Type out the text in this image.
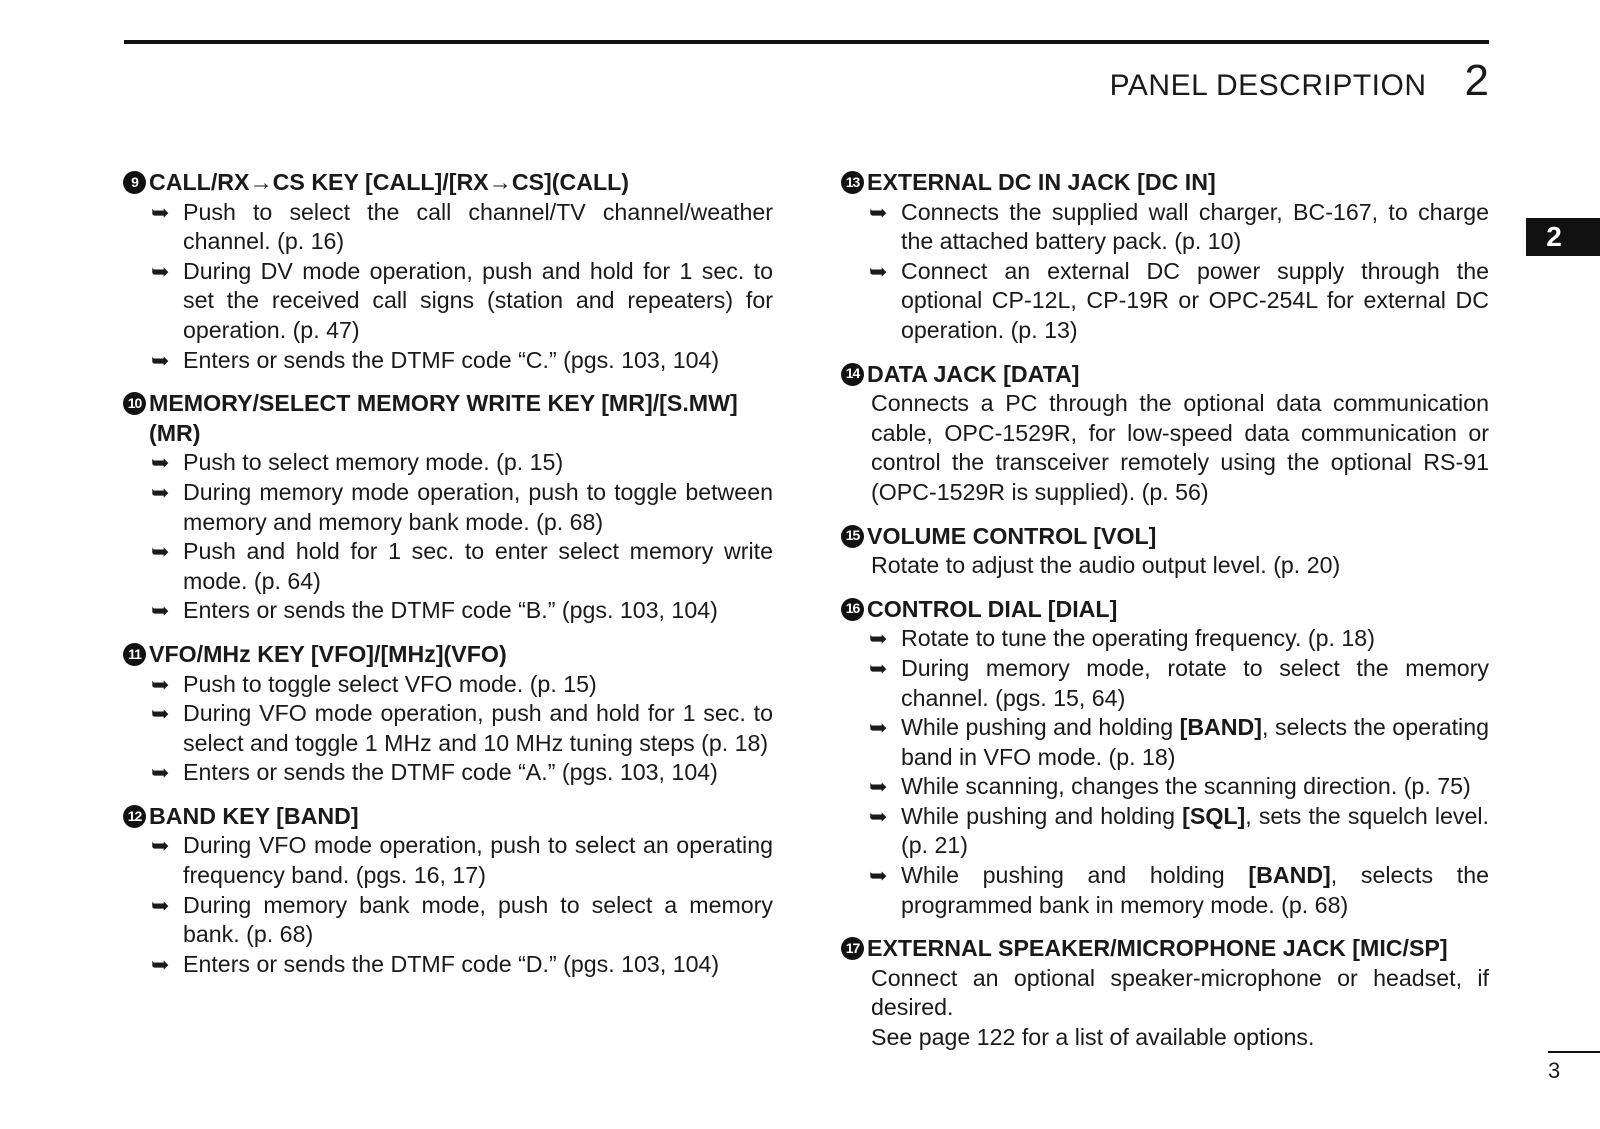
PANEL DESCRIPTION 2
2
9 CALL/RX→CS KEY [CALL]/[RX→CS](CALL)
➥ Push to select the call channel/TV channel/weather channel. (p. 16)
➥ During DV mode operation, push and hold for 1 sec. to set the received call signs (station and repeaters) for operation. (p. 47)
➥ Enters or sends the DTMF code “C.” (pgs. 103, 104)
10 MEMORY/SELECT MEMORY WRITE KEY [MR]/[S.MW](MR)
➥ Push to select memory mode. (p. 15)
➥ During memory mode operation, push to toggle between memory and memory bank mode. (p. 68)
➥ Push and hold for 1 sec. to enter select memory write mode. (p. 64)
➥ Enters or sends the DTMF code “B.” (pgs. 103, 104)
11 VFO/MHz KEY [VFO]/[MHz](VFO)
➥ Push to toggle select VFO mode. (p. 15)
➥ During VFO mode operation, push and hold for 1 sec. to select and toggle 1 MHz and 10 MHz tuning steps (p. 18)
➥ Enters or sends the DTMF code “A.” (pgs. 103, 104)
12 BAND KEY [BAND]
➥ During VFO mode operation, push to select an operating frequency band. (pgs. 16, 17)
➥ During memory bank mode, push to select a memory bank. (p. 68)
➥ Enters or sends the DTMF code “D.” (pgs. 103, 104)
13 EXTERNAL DC IN JACK [DC IN]
➥ Connects the supplied wall charger, BC-167, to charge the attached battery pack. (p. 10)
➥ Connect an external DC power supply through the optional CP-12L, CP-19R or OPC-254L for external DC operation. (p. 13)
14 DATA JACK [DATA]
Connects a PC through the optional data communication cable, OPC-1529R, for low-speed data communication or control the transceiver remotely using the optional RS-91 (OPC-1529R is supplied). (p. 56)
15 VOLUME CONTROL [VOL]
Rotate to adjust the audio output level. (p. 20)
16 CONTROL DIAL [DIAL]
➥ Rotate to tune the operating frequency. (p. 18)
➥ During memory mode, rotate to select the memory channel. (pgs. 15, 64)
➥ While pushing and holding [BAND], selects the operating band in VFO mode. (p. 18)
➥ While scanning, changes the scanning direction. (p. 75)
➥ While pushing and holding [SQL], sets the squelch level. (p. 21)
➥ While pushing and holding [BAND], selects the programmed bank in memory mode. (p. 68)
17 EXTERNAL SPEAKER/MICROPHONE JACK [MIC/SP]
Connect an optional speaker-microphone or headset, if desired.
See page 122 for a list of available options.
3
